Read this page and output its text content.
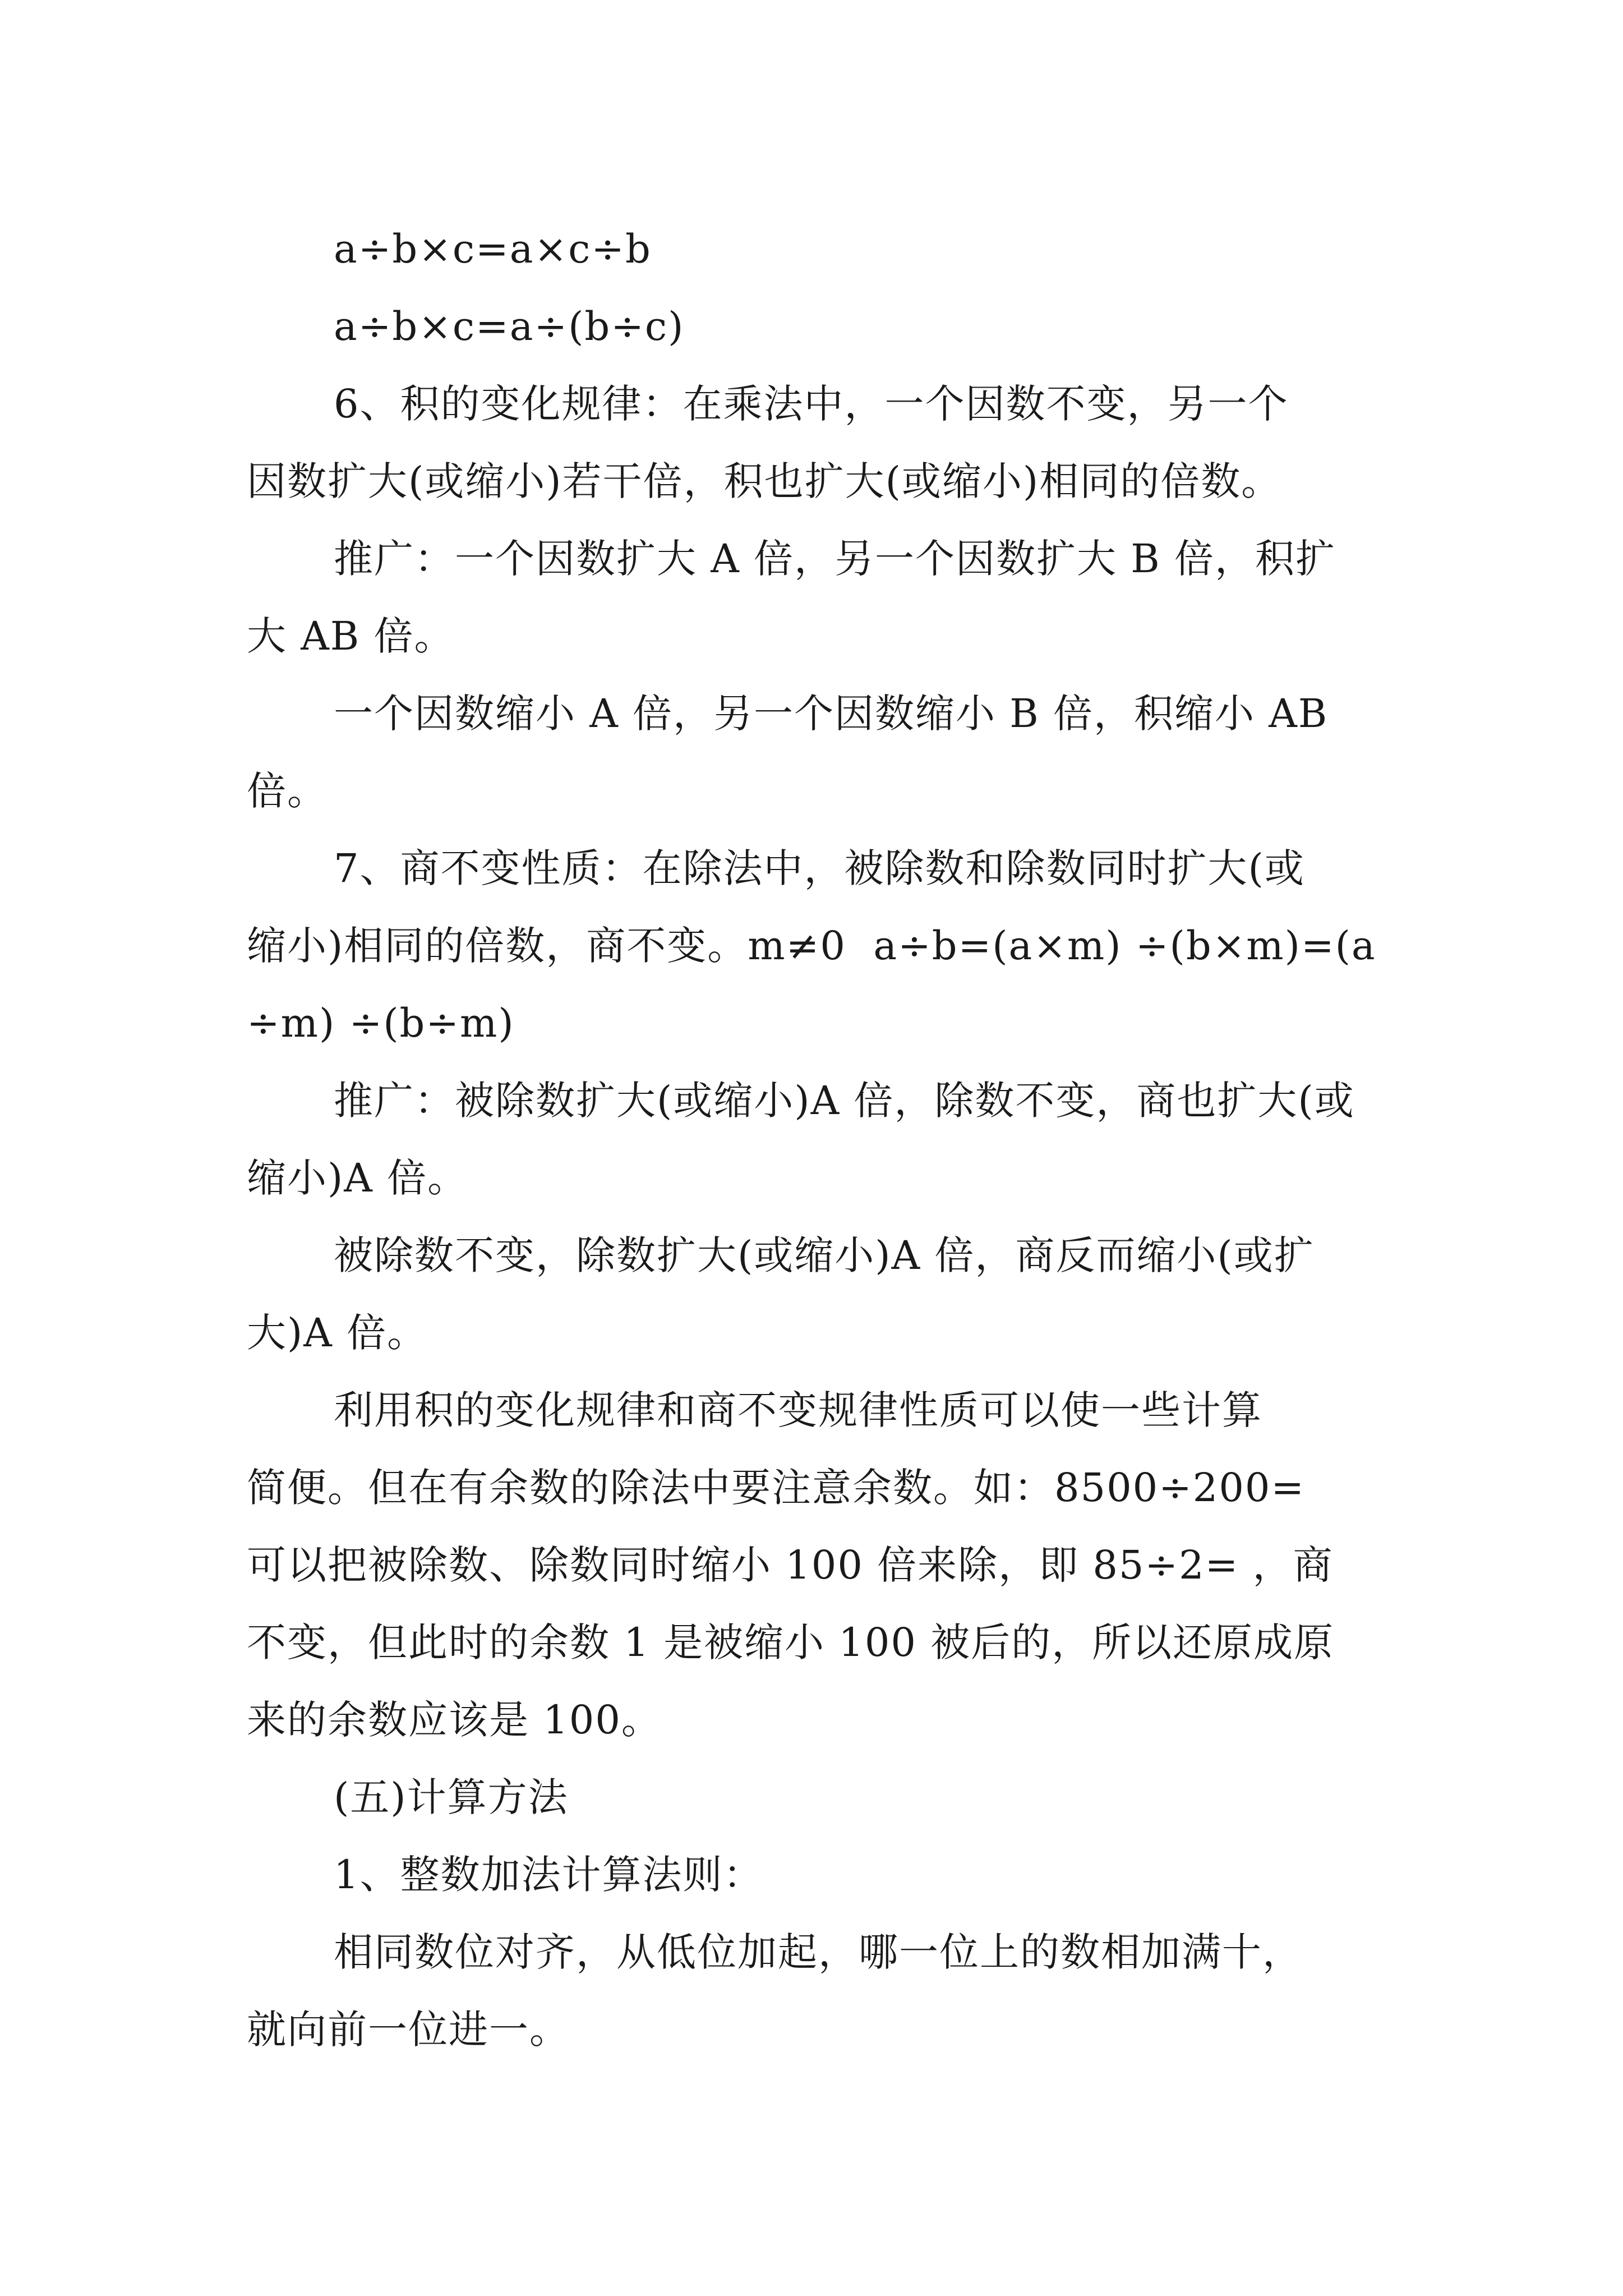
a÷b×c=a×c÷b

a÷b×c=a÷(b÷c)

6、积的变化规律：在乘法中，一个因数不变，另一个

因数扩大(或缩小)若干倍，积也扩大(或缩小)相同的倍数。

推广：一个因数扩大 A 倍，另一个因数扩大 B 倍，积扩

大 AB 倍。

一个因数缩小 A 倍，另一个因数缩小 B 倍，积缩小 AB

倍。

7、商不变性质：在除法中，被除数和除数同时扩大(或

缩小)相同的倍数，商不变。m≠0  a÷b=(a×m) ÷(b×m)=(a

÷m) ÷(b÷m)

推广：被除数扩大(或缩小)A 倍，除数不变，商也扩大(或

缩小)A 倍。

被除数不变，除数扩大(或缩小)A 倍，商反而缩小(或扩

大)A 倍。

利用积的变化规律和商不变规律性质可以使一些计算

简便。但在有余数的除法中要注意余数。如：8500÷200=

可以把被除数、除数同时缩小 100 倍来除，即 85÷2= ，商

不变，但此时的余数 1 是被缩小 100 被后的，所以还原成原

来的余数应该是 100。

(五)计算方法

1、整数加法计算法则：

相同数位对齐，从低位加起，哪一位上的数相加满十，

就向前一位进一。
